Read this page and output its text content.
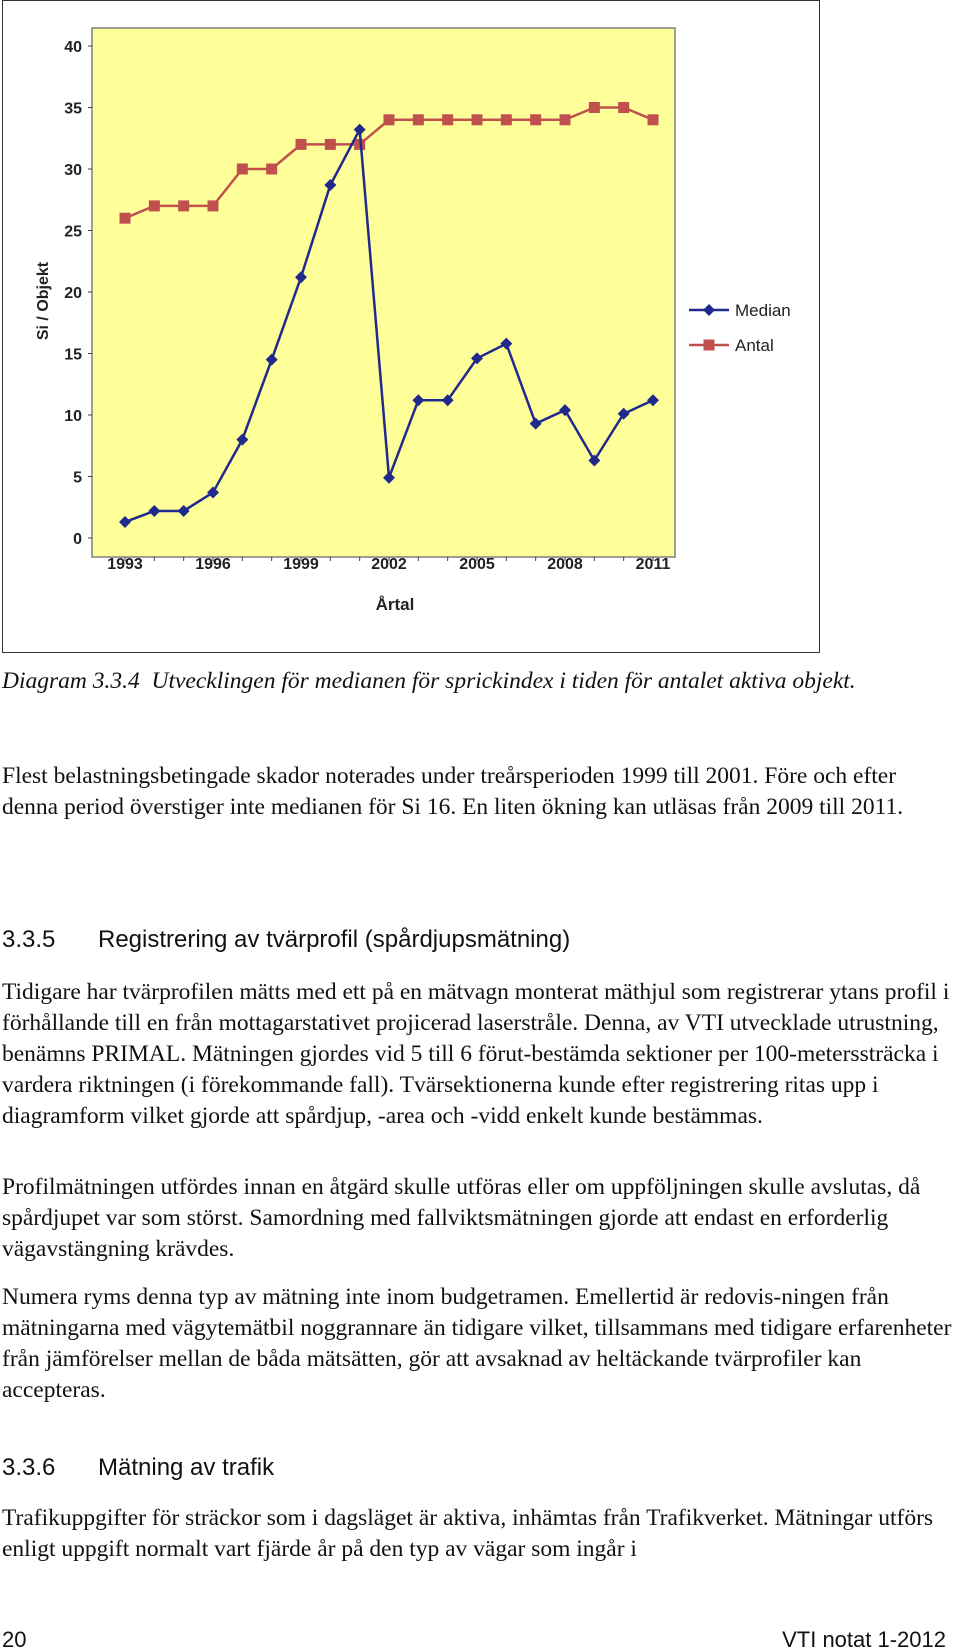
0
5
10
15
20
25
30
35
40
1993	1996	1999	2002	2005	2008	2011
Si / Objekt
Årtal
Median
Antal
Diagram 3.3.4 Utvecklingen för medianen för sprickindex i tiden för antalet aktiva objekt.

Flest belastningsbetingade skador noterades under treårsperioden 1999 till 2001. Före och efter denna period överstiger inte medianen för Si 16. En liten ökning kan utläsas från 2009 till 2011.

3.3.5 Registrering av tvärprofil (spårdjupsmätning)

Tidigare har tvärprofilen mätts med ett på en mätvagn monterat mäthjul som registrerar ytans profil i förhållande till en från mottagarstativet projicerad laserstråle. Denna, av VTI utvecklade utrustning, benämns PRIMAL. Mätningen gjordes vid 5 till 6 förut-bestämda sektioner per 100-meterssträcka i vardera riktningen (i förekommande fall). Tvärsektionerna kunde efter registrering ritas upp i diagramform vilket gjorde att spårdjup, -area och -vidd enkelt kunde bestämmas.

Profilmätningen utfördes innan en åtgärd skulle utföras eller om uppföljningen skulle avslutas, då spårdjupet var som störst. Samordning med fallviktsmätningen gjorde att endast en erforderlig vägavstängning krävdes.

Numera ryms denna typ av mätning inte inom budgetramen. Emellertid är redovis-ningen från mätningarna med vägytemätbil noggrannare än tidigare vilket, tillsammans med tidigare erfarenheter från jämförelser mellan de båda mätsätten, gör att avsaknad av heltäckande tvärprofiler kan accepteras.

3.3.6 Mätning av trafik

Trafikuppgifter för sträckor som i dagsläget är aktiva, inhämtas från Trafikverket. Mätningar utförs enligt uppgift normalt vart fjärde år på den typ av vägar som ingår i

20	VTI notat 1-2012
